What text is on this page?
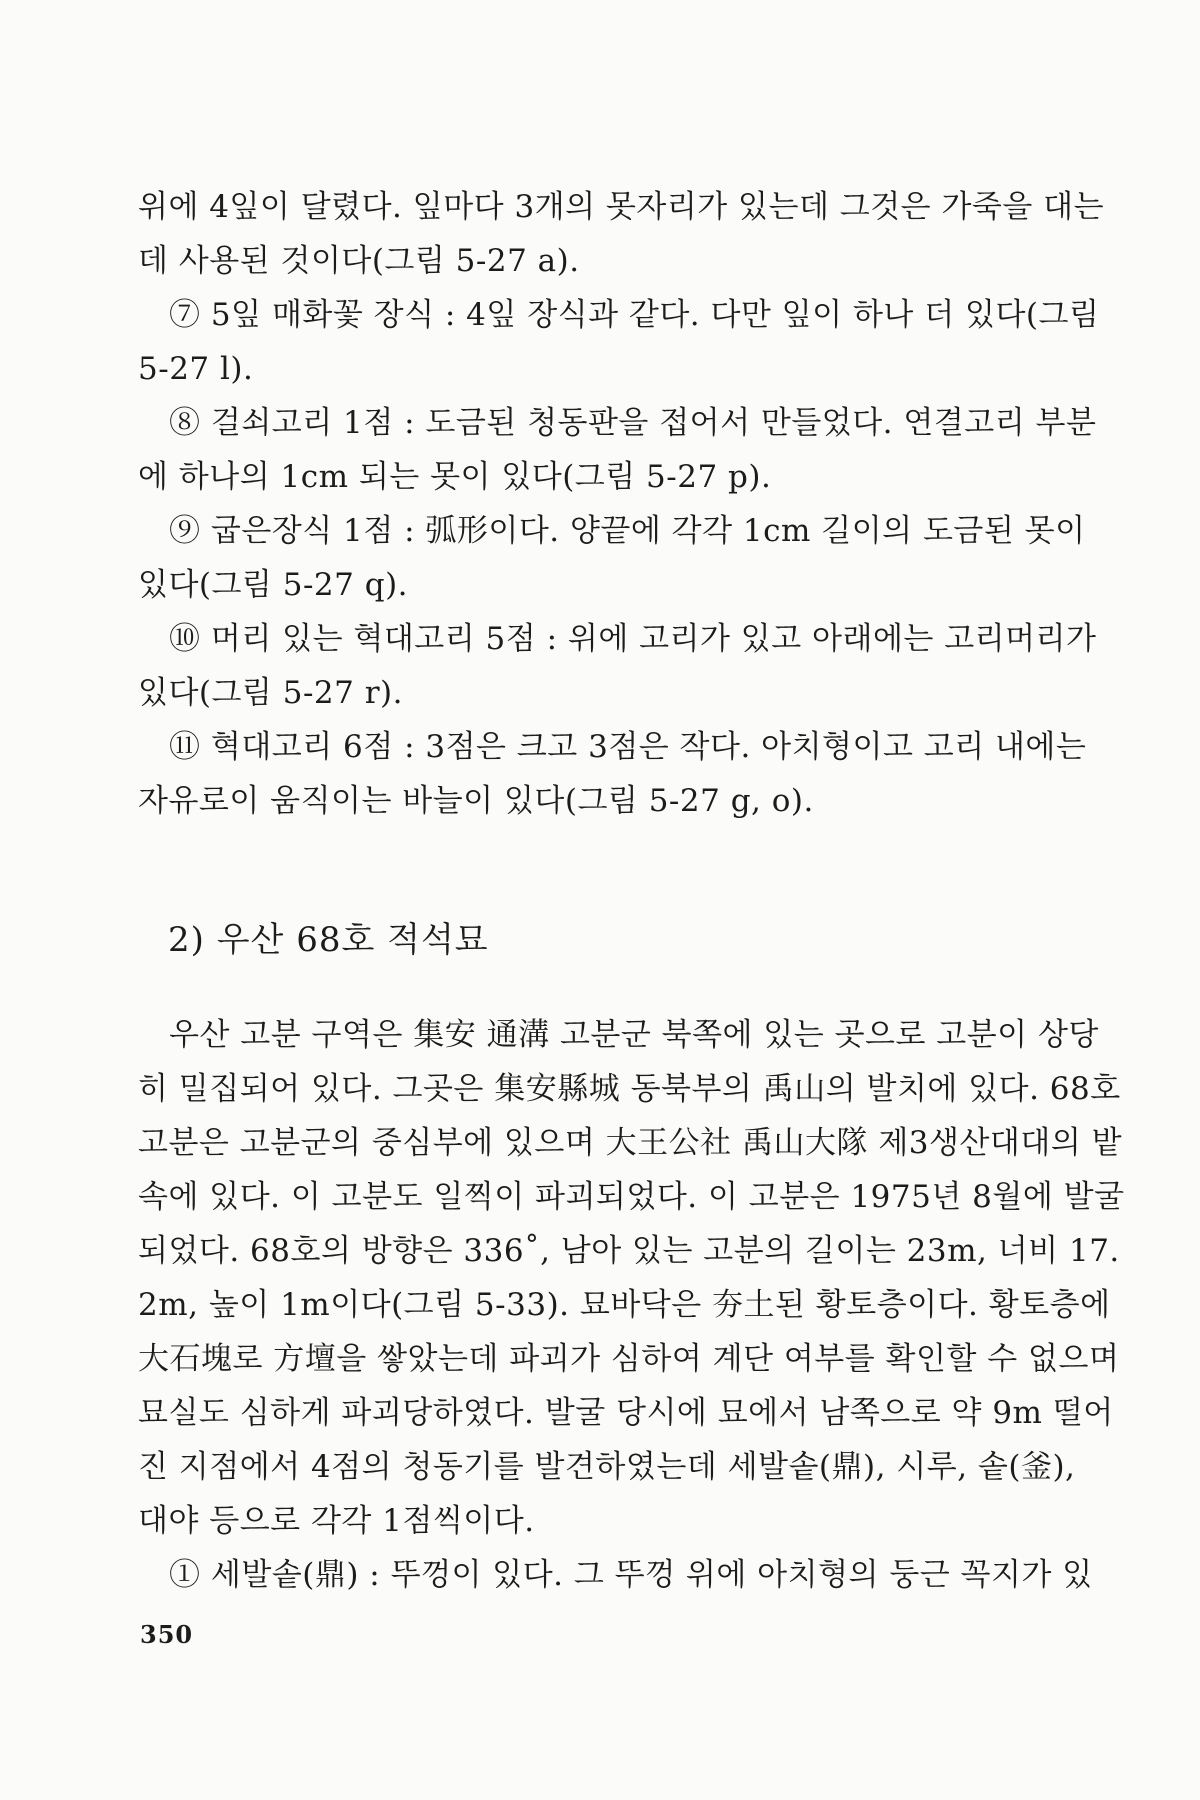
위에 4잎이 달렸다. 잎마다 3개의 못자리가 있는데 그것은 가죽을 대는
데 사용된 것이다(그림 5-27 a).
⑦ 5잎 매화꽃 장식 : 4잎 장식과 같다. 다만 잎이 하나 더 있다(그림
5-27 l).
⑧ 걸쇠고리 1점 : 도금된 청동판을 접어서 만들었다. 연결고리 부분
에 하나의 1cm 되는 못이 있다(그림 5-27 p).
⑨ 굽은장식 1점 : 弧形이다. 양끝에 각각 1cm 길이의 도금된 못이
있다(그림 5-27 q).
⑩ 머리 있는 혁대고리 5점 : 위에 고리가 있고 아래에는 고리머리가
있다(그림 5-27 r).
⑪ 혁대고리 6점 : 3점은 크고 3점은 작다. 아치형이고 고리 내에는
자유로이 움직이는 바늘이 있다(그림 5-27 g, o).
2) 우산 68호 적석묘
우산 고분 구역은 集安 通溝 고분군 북쪽에 있는 곳으로 고분이 상당
히 밀집되어 있다. 그곳은 集安縣城 동북부의 禹山의 발치에 있다. 68호
고분은 고분군의 중심부에 있으며 大王公社 禹山大隊 제3생산대대의 밭
속에 있다. 이 고분도 일찍이 파괴되었다. 이 고분은 1975년 8월에 발굴
되었다. 68호의 방향은 336˚, 남아 있는 고분의 길이는 23m, 너비 17.
2m, 높이 1m이다(그림 5-33). 묘바닥은 夯土된 황토층이다. 황토층에
大石塊로 方壇을 쌓았는데 파괴가 심하여 계단 여부를 확인할 수 없으며
묘실도 심하게 파괴당하였다. 발굴 당시에 묘에서 남쪽으로 약 9m 떨어
진 지점에서 4점의 청동기를 발견하였는데 세발솥(鼎), 시루, 솥(釜),
대야 등으로 각각 1점씩이다.
① 세발솥(鼎) : 뚜껑이 있다. 그 뚜껑 위에 아치형의 둥근 꼭지가 있
350
